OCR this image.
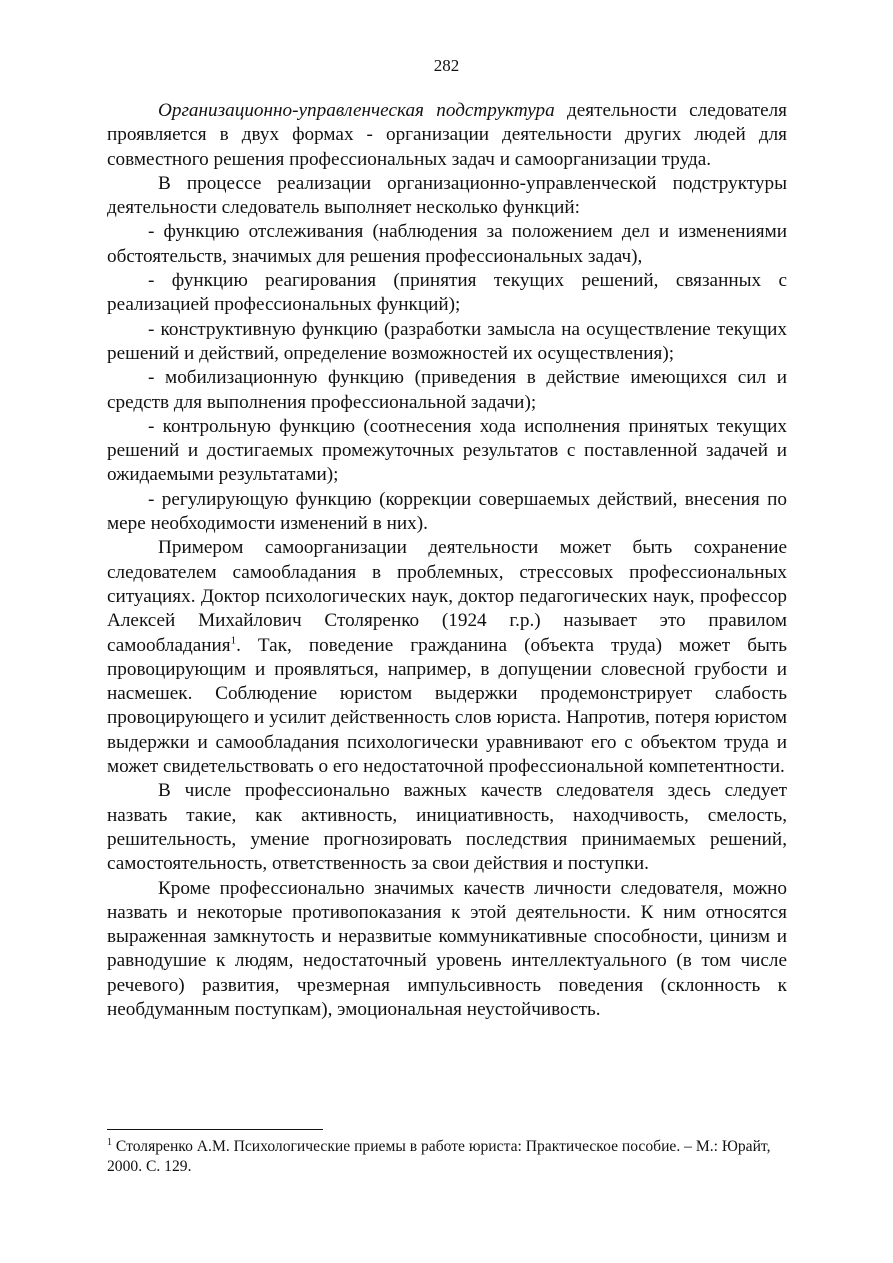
282

Организационно-управленческая подструктура деятельности следователя проявляется в двух формах - организации деятельности других людей для совместного решения профессиональных задач и самоорганизации труда.

В процессе реализации организационно-управленческой подструктуры деятельности следователь выполняет несколько функций:

- функцию отслеживания (наблюдения за положением дел и изменениями обстоятельств, значимых для решения профессиональных задач),

- функцию реагирования (принятия текущих решений, связанных с реализацией профессиональных функций);

- конструктивную функцию (разработки замысла на осуществление текущих решений и действий, определение возможностей их осуществления);

- мобилизационную функцию (приведения в действие имеющихся сил и средств для выполнения профессиональной задачи);

- контрольную функцию (соотнесения хода исполнения принятых текущих решений и достигаемых промежуточных результатов с поставленной задачей и ожидаемыми результатами);

- регулирующую функцию (коррекции совершаемых действий, внесения по мере необходимости изменений в них).

Примером самоорганизации деятельности может быть сохранение следователем самообладания в проблемных, стрессовых профессиональных ситуациях. Доктор психологических наук, доктор педагогических наук, профессор Алексей Михайлович Столяренко (1924 г.р.) называет это правилом самообладания$^1$. Так, поведение гражданина (объекта труда) может быть провоцирующим и проявляться, например, в допущении словесной грубости и насмешек. Соблюдение юристом выдержки продемонстрирует слабость провоцирующего и усилит действенность слов юриста. Напротив, потеря юристом выдержки и самообладания психологически уравнивают его с объектом труда и может свидетельствовать о его недостаточной профессиональной компетентности.

В числе профессионально важных качеств следователя здесь следует назвать такие, как активность, инициативность, находчивость, смелость, решительность, умение прогнозировать последствия принимаемых решений, самостоятельность, ответственность за свои действия и поступки.

Кроме профессионально значимых качеств личности следователя, можно назвать и некоторые противопоказания к этой деятельности. К ним относятся выраженная замкнутость и неразвитые коммуникативные способности, цинизм и равнодушие к людям, недостаточный уровень интеллектуального (в том числе речевого) развития, чрезмерная импульсивность поведения (склонность к необдуманным поступкам), эмоциональная неустойчивость.

$^1$ Столяренко А.М. Психологические приемы в работе юриста: Практическое пособие. – М.: Юрайт, 2000. С. 129.
